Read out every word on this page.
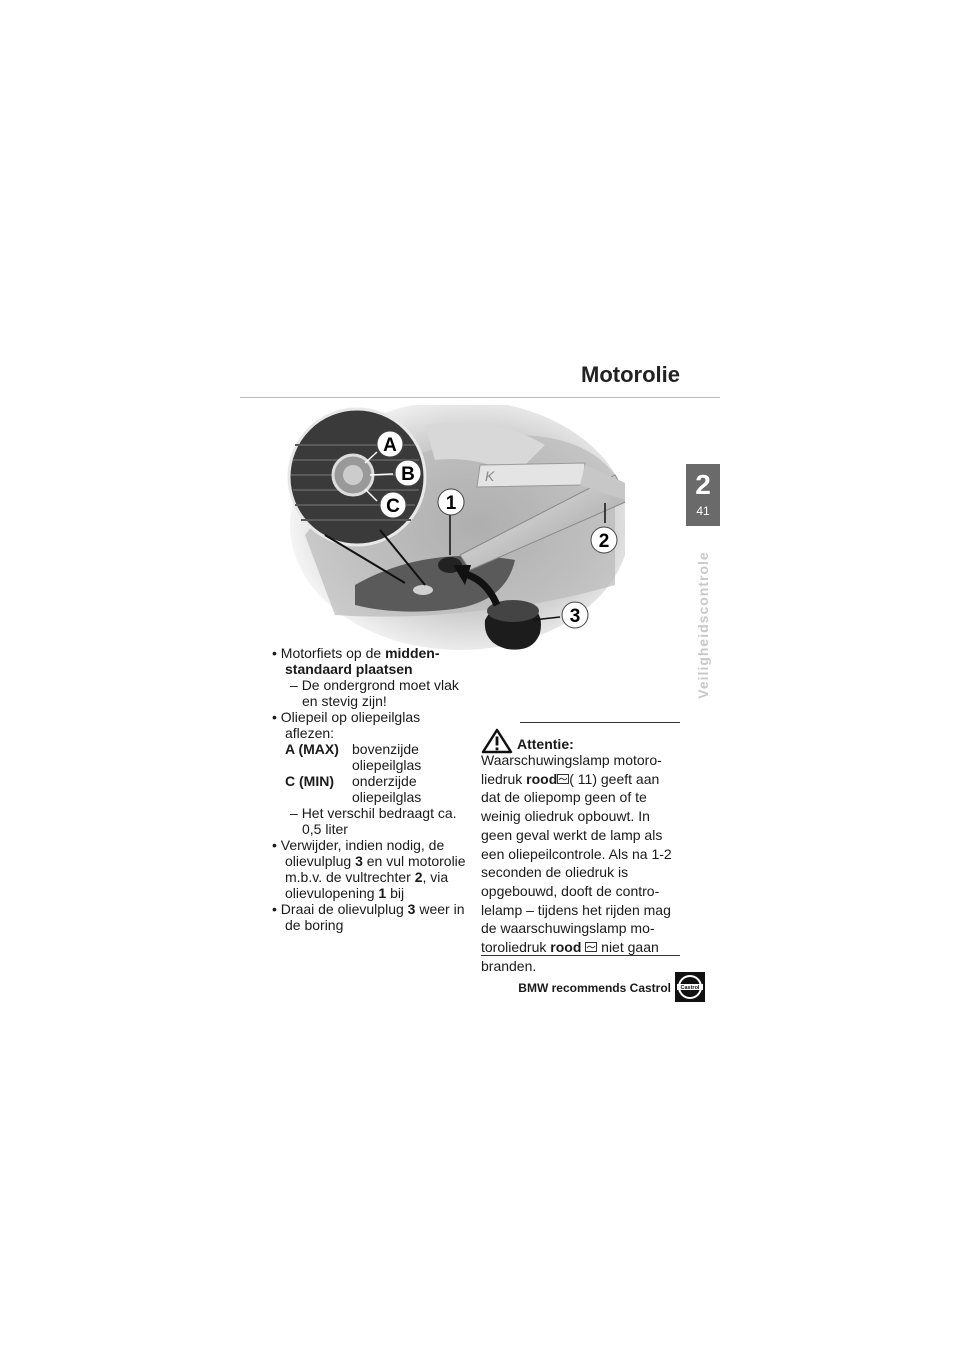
Motorolie
2
41
Veiligheidscontrole
K
A
B
C 1
2
3

• Motorfiets op de midden-standaard plaatsen

– De ondergrond moet vlak en stevig zijn!

• Oliepeil op oliepeilglas aflezen:

A (MAX) bovenzijde oliepeilglas
C (MIN)	onderzijde oliepeilglas

– Het verschil bedraagt ca. 0,5 liter

• Verwijder, indien nodig, de olievulplug 3 en vul motorolie m.b.v. de vultrechter 2, via olievulopening 1 bij

• Draai de olievulplug 3 weer in de boring

Attentie:

Waarschuwingslamp motoro-liedruk rood ( 11) geeft aan dat de oliepomp geen of te weinig oliedruk opbouwt. In geen geval werkt de lamp als een oliepeilcontrole. Als na 1-2 seconden de oliedruk is opgebouwd, dooft de contro-lelamp – tijdens het rijden mag de waarschuwingslamp mo-toroliedruk rood  niet gaan branden.

BMW recommends Castrol Castrol
